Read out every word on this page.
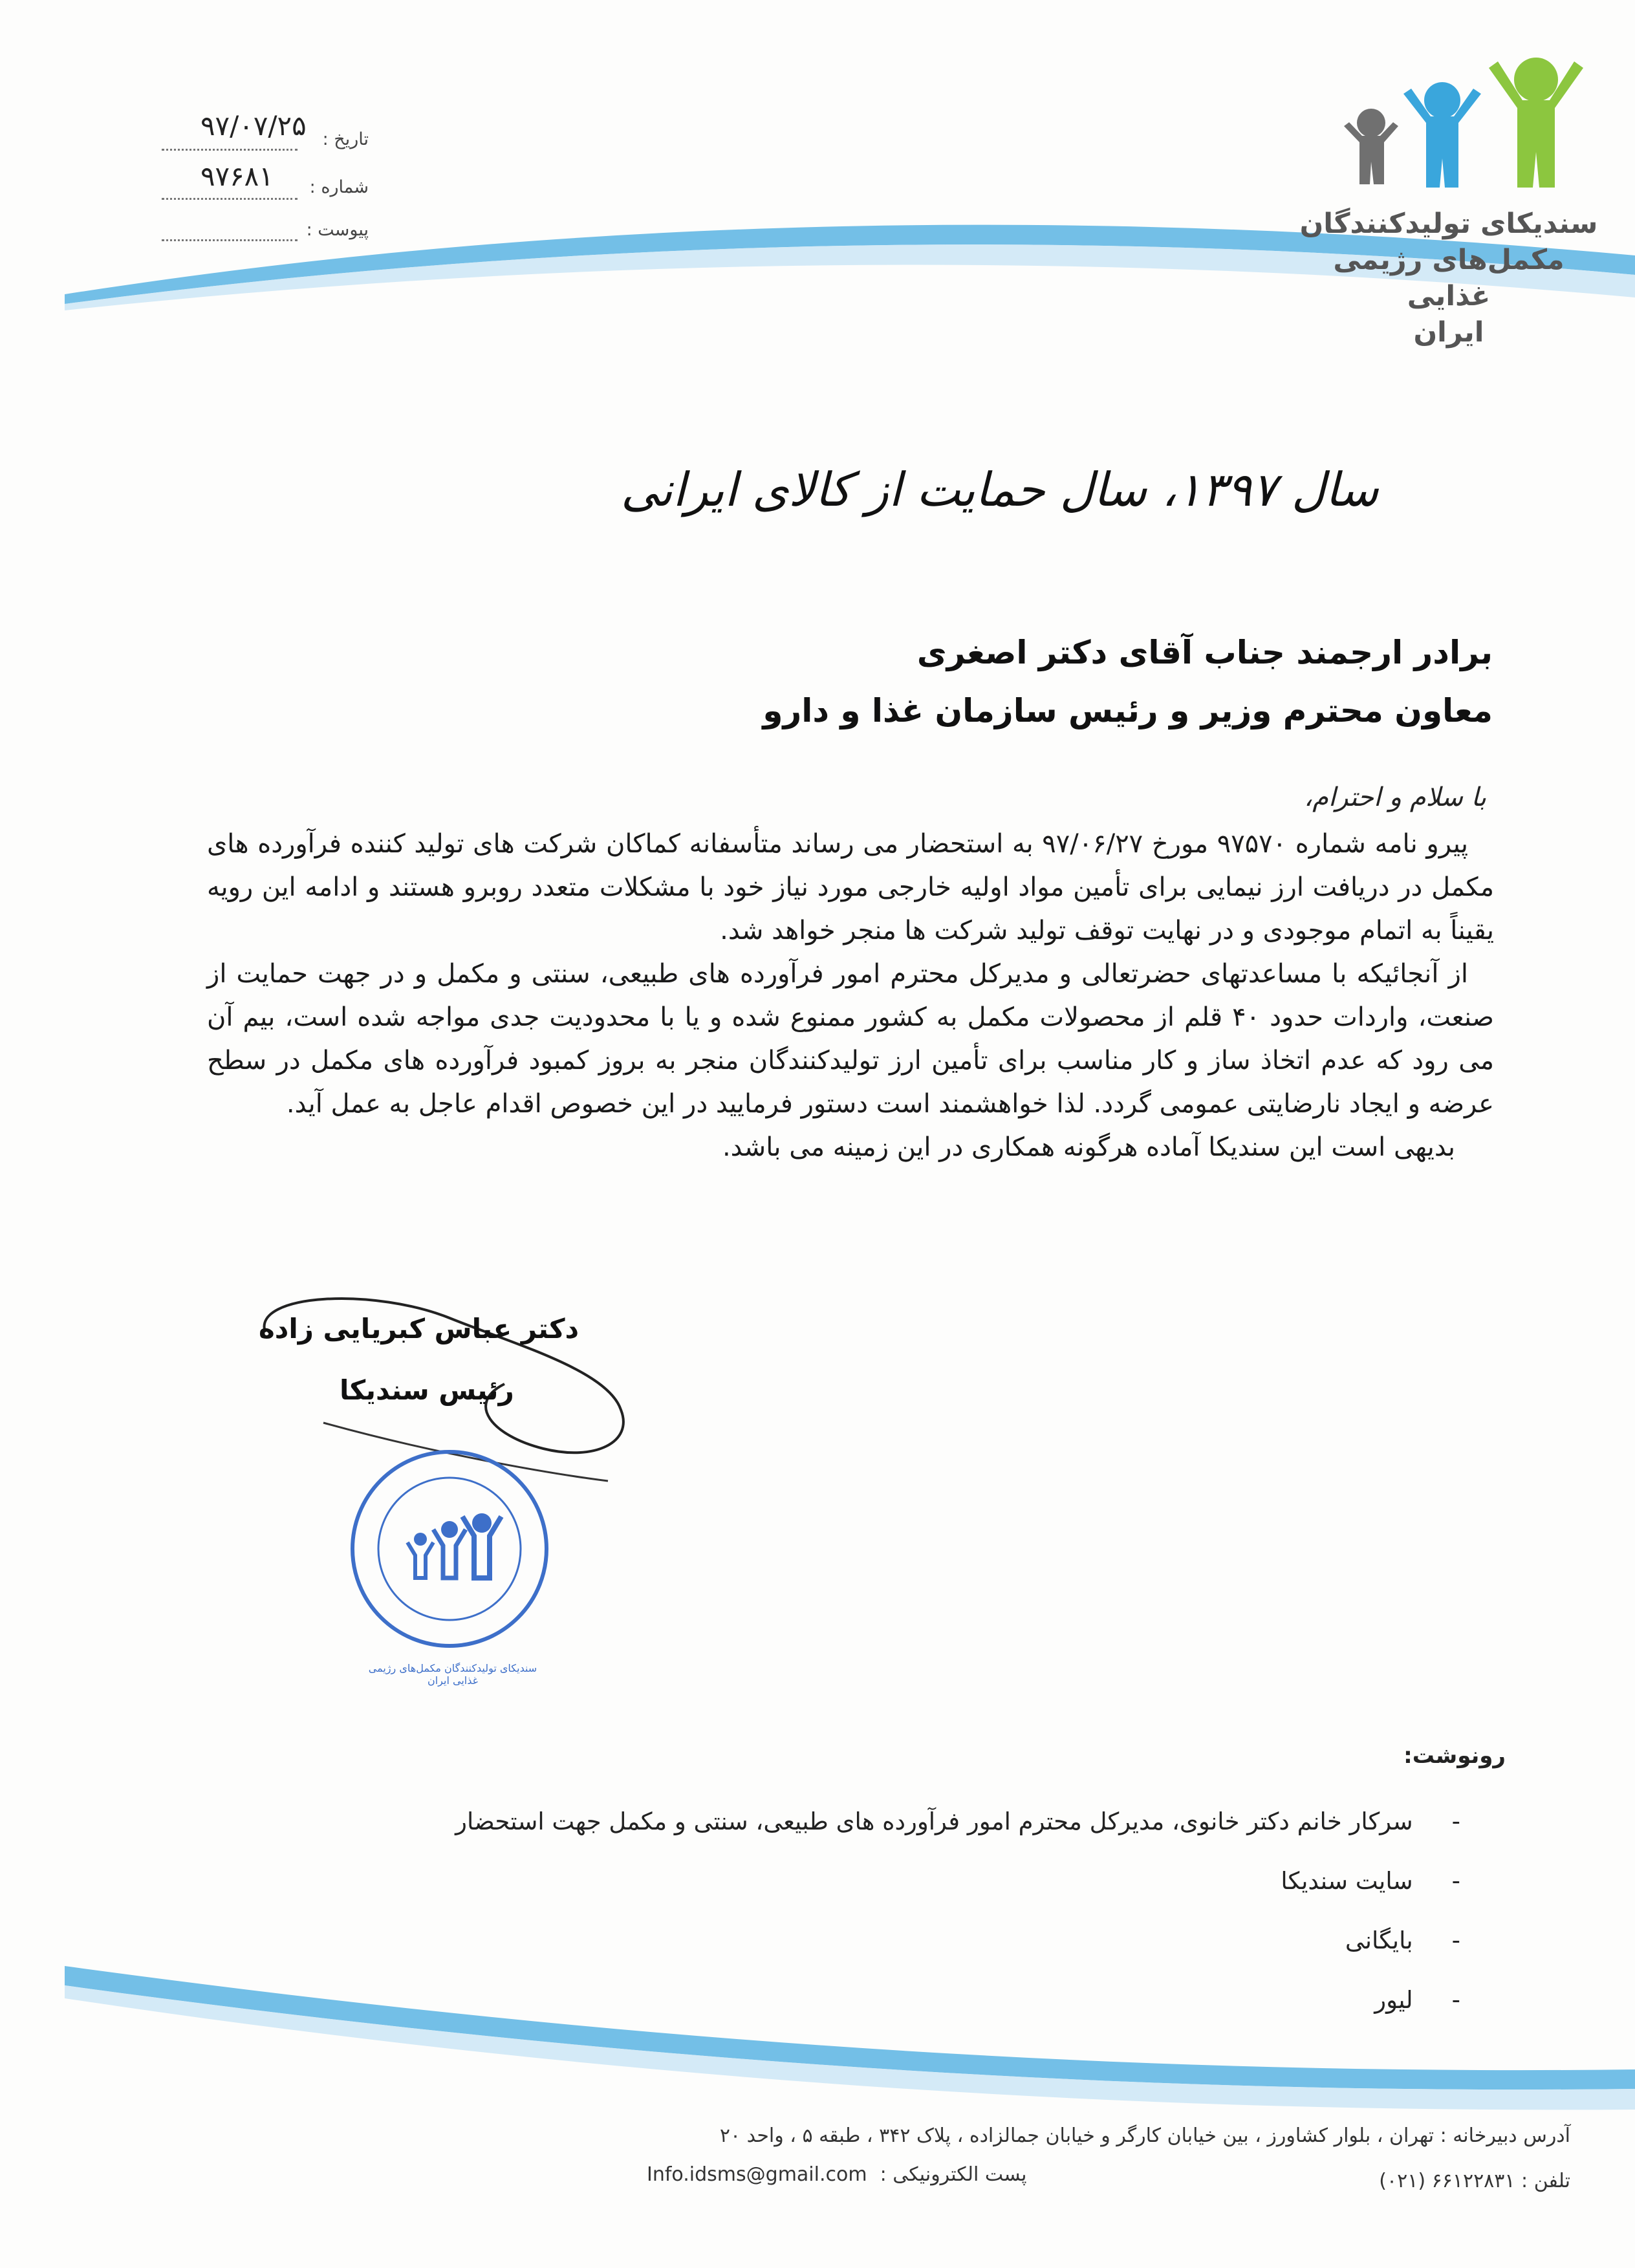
تاریخ :
۹۷/۰۷/۲۵
شماره :
۹۷۶۸۱
پیوست :	سندیکای تولیدکنندگان
مکمل‌های رژیمی غذایی
ایران
سال ۱۳۹۷، سال حمایت از کالای ایرانی
برادر ارجمند جناب آقای دکتر اصغری
معاون محترم وزیر و رئیس سازمان غذا و دارو
با سلام و احترام،

پیرو نامه شماره ۹۷۵۷۰ مورخ ۹۷/۰۶/۲۷ به استحضار می رساند متأسفانه کماکان شرکت های تولید کننده فرآورده های مکمل در دریافت ارز نیمایی برای تأمین مواد اولیه خارجی مورد نیاز خود با مشکلات متعدد روبرو هستند و ادامه این رویه یقیناً به اتمام موجودی و در نهایت توقف تولید شرکت ها منجر خواهد شد.

از آنجائیکه با مساعدتهای حضرتعالی و مدیرکل محترم امور فرآورده های طبیعی، سنتی و مکمل و در جهت حمایت از صنعت، واردات حدود ۴۰ قلم از محصولات مکمل به کشور ممنوع شده و یا با محدودیت جدی مواجه شده است، بیم آن می رود که عدم اتخاذ ساز و کار مناسب برای تأمین ارز تولیدکنندگان منجر به بروز کمبود فرآورده های مکمل در سطح عرضه و ایجاد نارضایتی عمومی گردد. لذا خواهشمند است دستور فرمایید در این خصوص اقدام عاجل به عمل آید.

بدیهی است این سندیکا آماده هرگونه همکاری در این زمینه می باشد.

دکتر عباس کبریایی زاده
رئیس سندیکا
سندیکای تولیدکنندگان مکمل‌های رژیمی غذایی ایران
رونوشت:
-
سرکار خانم دکتر خانوی، مدیرکل محترم امور فرآورده های طبیعی، سنتی و مکمل جهت استحضار
-
سایت سندیکا
-
بایگانی
-
لیور
آدرس دبیرخانه : تهران ، بلوار کشاورز ، بین خیابان کارگر و خیابان جمالزاده ، پلاک ۳۴۲ ، طبقه ۵ ، واحد ۲۰
تلفن : ۶۶۱۲۲۸۳۱ (۰۲۱)
پست الکترونیکی :
Info.idsms@gmail.com
